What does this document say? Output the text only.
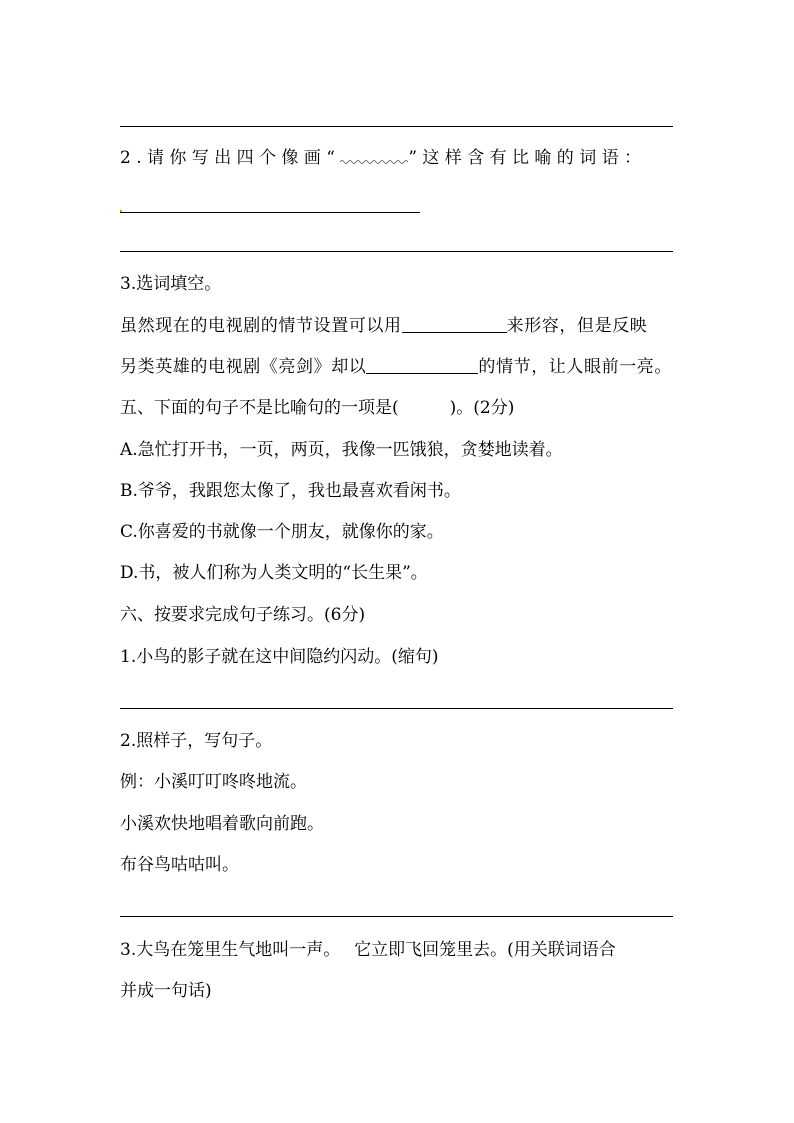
2.请你写出四个像画“	”这样含有比喻的词语：
3.选词填空。
虽然现在的电视剧的情节设置可以用	来形容，但是反映
另类英雄的电视剧《亮剑》却以	的情节，让人眼前一亮。
五、下面的句子不是比喻句的一项是(　　　)。(2分)
A.急忙打开书，一页，两页，我像一匹饿狼，贪婪地读着。
B.爷爷，我跟您太像了，我也最喜欢看闲书。
C.你喜爱的书就像一个朋友，就像你的家。
D.书，被人们称为人类文明的“长生果”。
六、按要求完成句子练习。(6分)
1.小鸟的影子就在这中间隐约闪动。(缩句)
2.照样子，写句子。
例：小溪叮叮咚咚地流。
小溪欢快地唱着歌向前跑。
布谷鸟咕咕叫。
3.大鸟在笼里生气地叫一声。　 它立即飞回笼里去。(用关联词语合
并成一句话)
